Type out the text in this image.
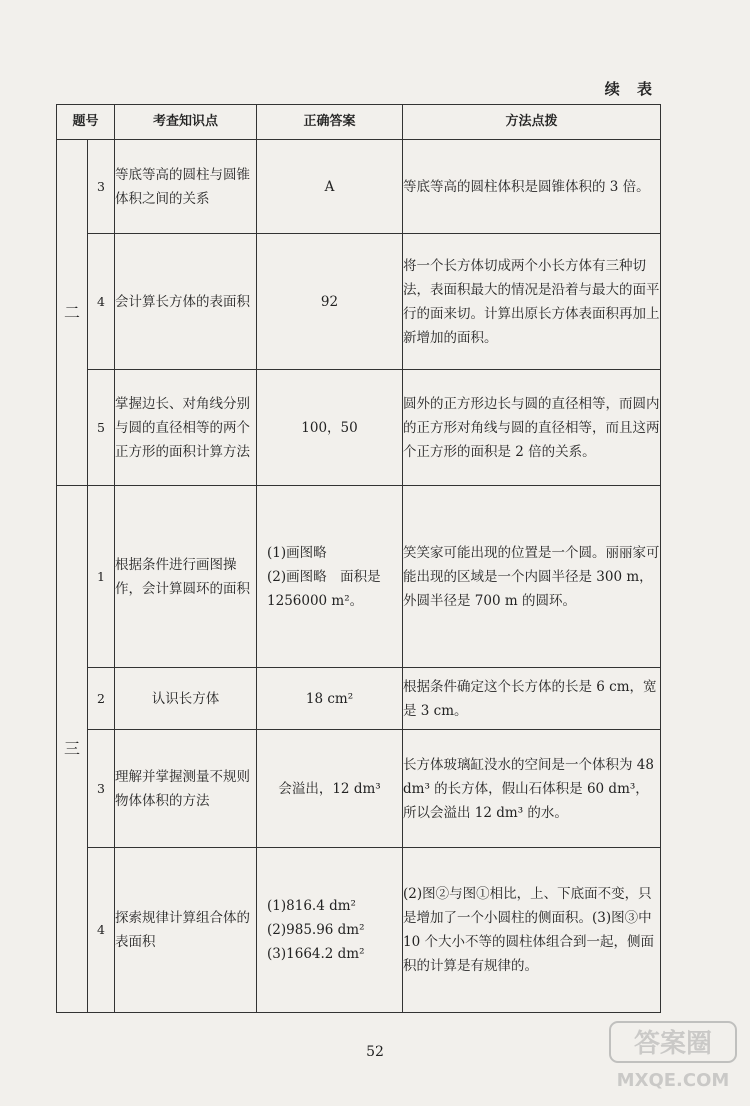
续 表
题号		考查知识点	正确答案	方法点拨
二	3	等底等高的圆柱与圆锥体积之间的关系	A	等底等高的圆柱体积是圆锥体积的 3 倍。
	4	会计算长方体的表面积	92	将一个长方体切成两个小长方体有三种切法，表面积最大的情况是沿着与最大的面平行的面来切。计算出原长方体表面积再加上新增加的面积。
	5	掌握边长、对角线分别与圆的直径相等的两个正方形的面积计算方法	100，50	圆外的正方形边长与圆的直径相等，而圆内的正方形对角线与圆的直径相等，而且这两个正方形的面积是 2 倍的关系。
三	1	根据条件进行画图操作，会计算圆环的面积	(1)画图略
(2)画图略　面积是 1256000 m²。	笑笑家可能出现的位置是一个圆。丽丽家可能出现的区域是一个内圆半径是 300 m，外圆半径是 700 m 的圆环。
	2	认识长方体	18 cm²	根据条件确定这个长方体的长是 6 cm，宽是 3 cm。
	3	理解并掌握测量不规则物体体积的方法	会溢出，12 dm³	长方体玻璃缸没水的空间是一个体积为 48 dm³ 的长方体，假山石体积是 60 dm³，所以会溢出 12 dm³ 的水。
	4	探索规律计算组合体的表面积	(1)816.4 dm²
(2)985.96 dm²
(3)1664.2 dm²	(2)图②与图①相比，上、下底面不变，只是增加了一个小圆柱的侧面积。(3)图③中 10 个大小不等的圆柱体组合到一起，侧面积的计算是有规律的。
52	答案圈
MXQE.COM
